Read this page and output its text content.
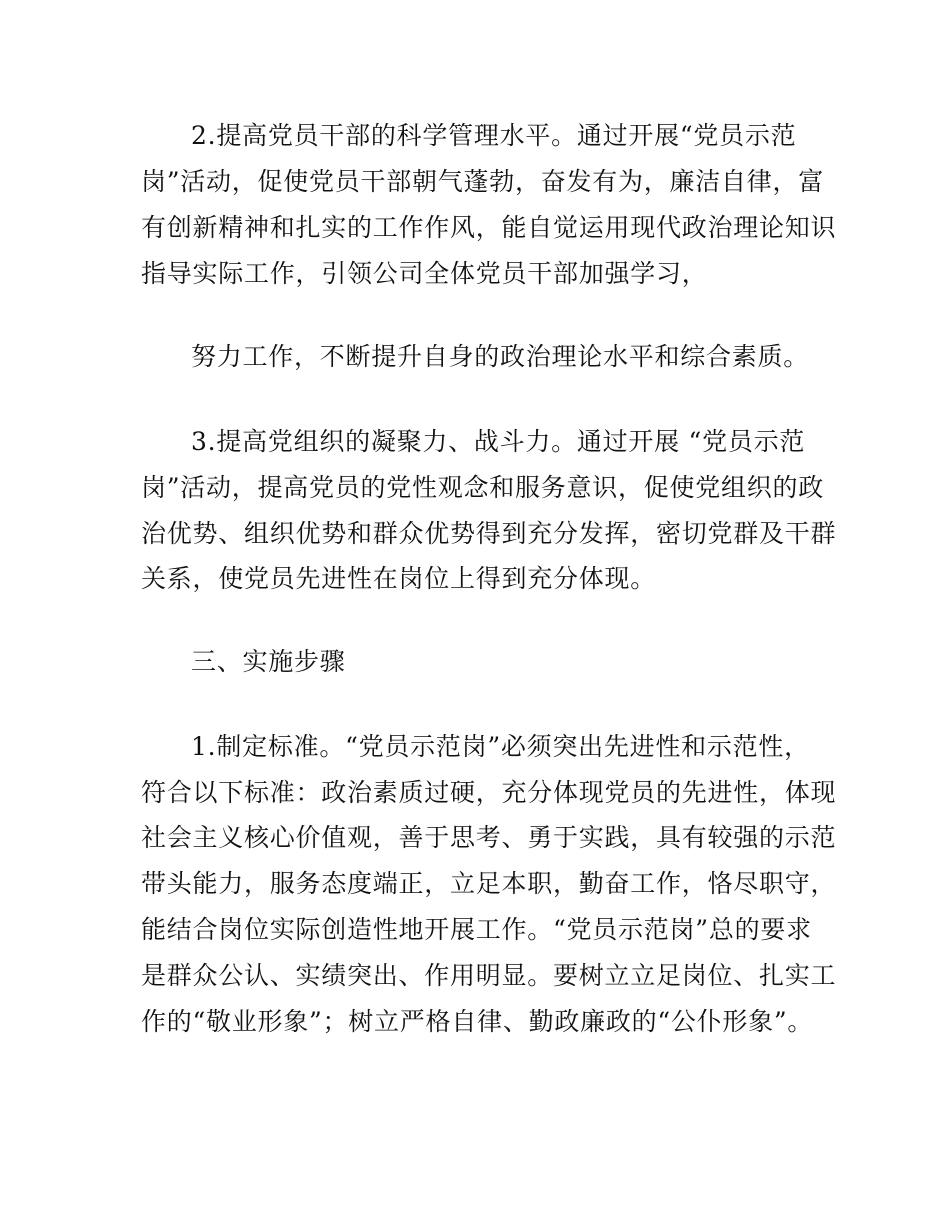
2.提高党员干部的科学管理水平。通过开展“党员示范
岗”活动，促使党员干部朝气蓬勃，奋发有为，廉洁自律，富
有创新精神和扎实的工作作风，能自觉运用现代政治理论知识
指导实际工作，引领公司全体党员干部加强学习，
努力工作，不断提升自身的政治理论水平和综合素质。
3.提高党组织的凝聚力、战斗力。通过开展 “党员示范
岗”活动，提高党员的党性观念和服务意识，促使党组织的政
治优势、组织优势和群众优势得到充分发挥，密切党群及干群
关系，使党员先进性在岗位上得到充分体现。
三、实施步骤
1.制定标准。“党员示范岗”必须突出先进性和示范性，
符合以下标准：政治素质过硬，充分体现党员的先进性，体现
社会主义核心价值观，善于思考、勇于实践，具有较强的示范
带头能力，服务态度端正，立足本职，勤奋工作，恪尽职守，
能结合岗位实际创造性地开展工作。“党员示范岗”总的要求
是群众公认、实绩突出、作用明显。要树立立足岗位、扎实工
作的“敬业形象”；树立严格自律、勤政廉政的“公仆形象”。
